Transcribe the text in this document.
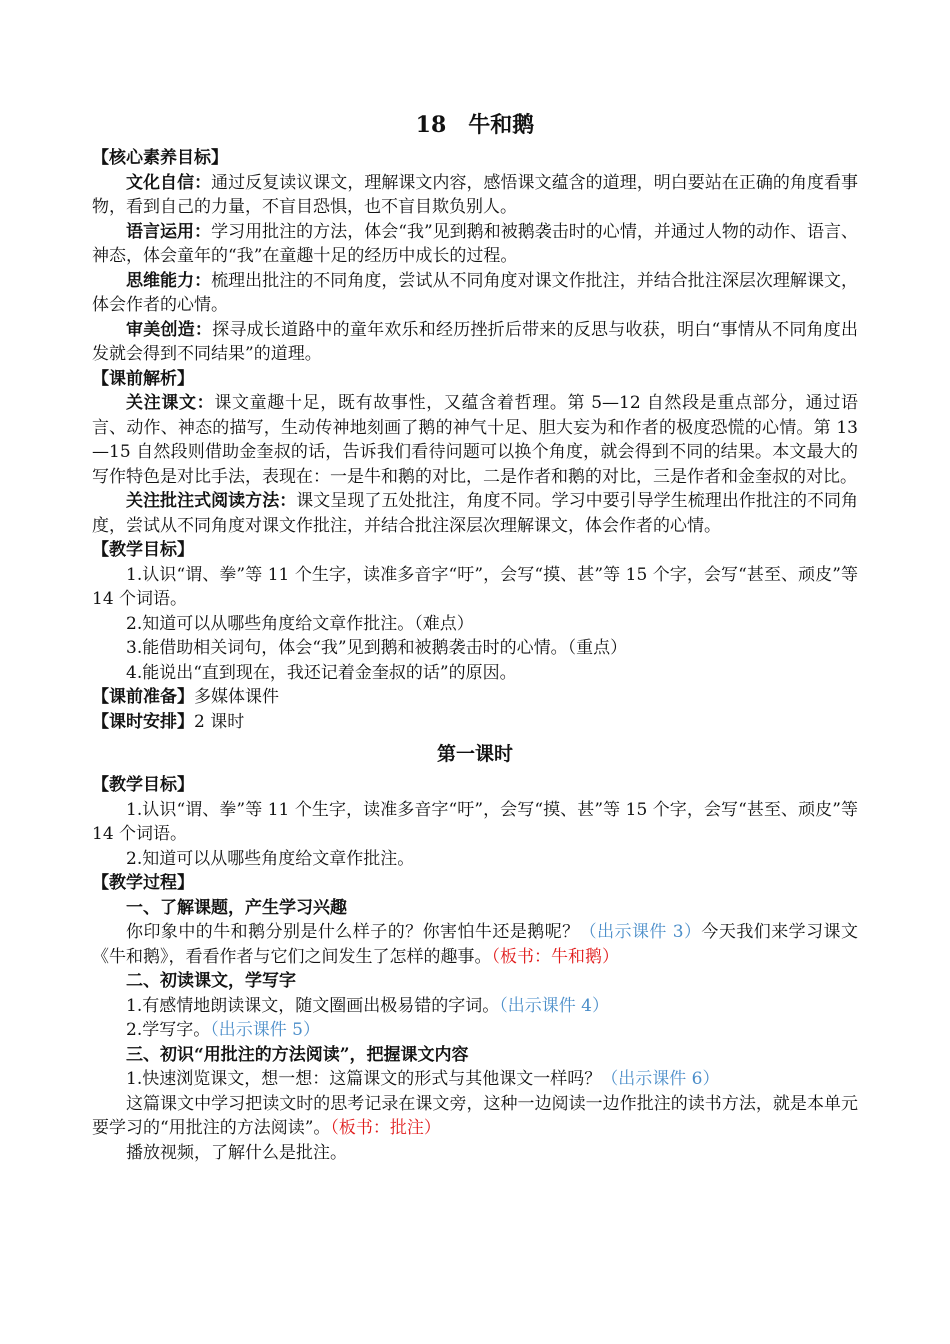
18 牛和鹅
【核心素养目标】

文化自信：通过反复读议课文，理解课文内容，感悟课文蕴含的道理，明白要站在正确的角度看事物，看到自己的力量，不盲目恐惧，也不盲目欺负别人。

语言运用：学习用批注的方法，体会“我”见到鹅和被鹅袭击时的心情，并通过人物的动作、语言、神态，体会童年的“我”在童趣十足的经历中成长的过程。

思维能力：梳理出批注的不同角度，尝试从不同角度对课文作批注，并结合批注深层次理解课文，体会作者的心情。

审美创造：探寻成长道路中的童年欢乐和经历挫折后带来的反思与收获，明白“事情从不同角度出发就会得到不同结果”的道理。

【课前解析】

关注课文：课文童趣十足，既有故事性，又蕴含着哲理。第 5—12 自然段是重点部分，通过语言、动作、神态的描写，生动传神地刻画了鹅的神气十足、胆大妄为和作者的极度恐慌的心情。第 13—15 自然段则借助金奎叔的话，告诉我们看待问题可以换个角度，就会得到不同的结果。本文最大的写作特色是对比手法，表现在：一是牛和鹅的对比，二是作者和鹅的对比，三是作者和金奎叔的对比。

关注批注式阅读方法：课文呈现了五处批注，角度不同。学习中要引导学生梳理出作批注的不同角度，尝试从不同角度对课文作批注，并结合批注深层次理解课文，体会作者的心情。

【教学目标】

1.认识“谓、拳”等 11 个生字，读准多音字“吁”，会写“摸、甚”等 15 个字，会写“甚至、顽皮”等 14 个词语。

2.知道可以从哪些角度给文章作批注。（难点）

3.能借助相关词句，体会“我”见到鹅和被鹅袭击时的心情。（重点）

4.能说出“直到现在，我还记着金奎叔的话”的原因。

【课前准备】多媒体课件
【课时安排】2 课时
第一课时
【教学目标】

1.认识“谓、拳”等 11 个生字，读准多音字“吁”，会写“摸、甚”等 15 个字，会写“甚至、顽皮”等 14 个词语。

2.知道可以从哪些角度给文章作批注。

【教学过程】

一、了解课题，产生学习兴趣

你印象中的牛和鹅分别是什么样子的？你害怕牛还是鹅呢？（出示课件 3）今天我们来学习课文《牛和鹅》，看看作者与它们之间发生了怎样的趣事。（板书：牛和鹅）

二、初读课文，学写字

1.有感情地朗读课文，随文圈画出极易错的字词。（出示课件 4）

2.学写字。（出示课件 5）

三、初识“用批注的方法阅读”，把握课文内容

1.快速浏览课文，想一想：这篇课文的形式与其他课文一样吗？（出示课件 6）

这篇课文中学习把读文时的思考记录在课文旁，这种一边阅读一边作批注的读书方法，就是本单元要学习的“用批注的方法阅读”。（板书：批注）

播放视频，了解什么是批注。
